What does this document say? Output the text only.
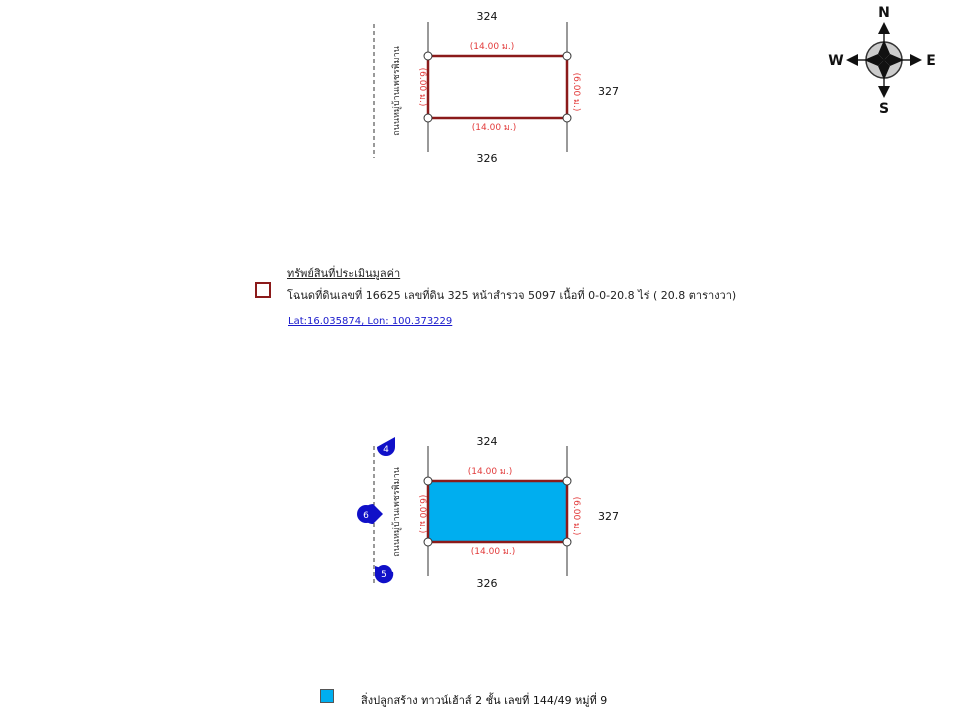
324
326
327
(14.00 ม.)
(14.00 ม.)
(6.00 ม.)	(6.00 ม.)
ถนนหมู่บ้านเพชรพิมาน
N
S
E
W
324
326
327
(14.00 ม.)
(14.00 ม.)
(6.00 ม.)	(6.00 ม.)
ถนนหมู่บ้านเพชรพิมาน
4
6
5
ทรัพย์สินที่ประเมินมูลค่า
โฉนดที่ดินเลขที่ 16625 เลขที่ดิน 325 หน้าสำรวจ 5097 เนื้อที่ 0-0-20.8 ไร่ ( 20.8 ตารางวา)
Lat:16.035874, Lon: 100.373229
สิ่งปลูกสร้าง ทาวน์เฮ้าส์ 2 ชั้น เลขที่ 144/49 หมู่ที่ 9
